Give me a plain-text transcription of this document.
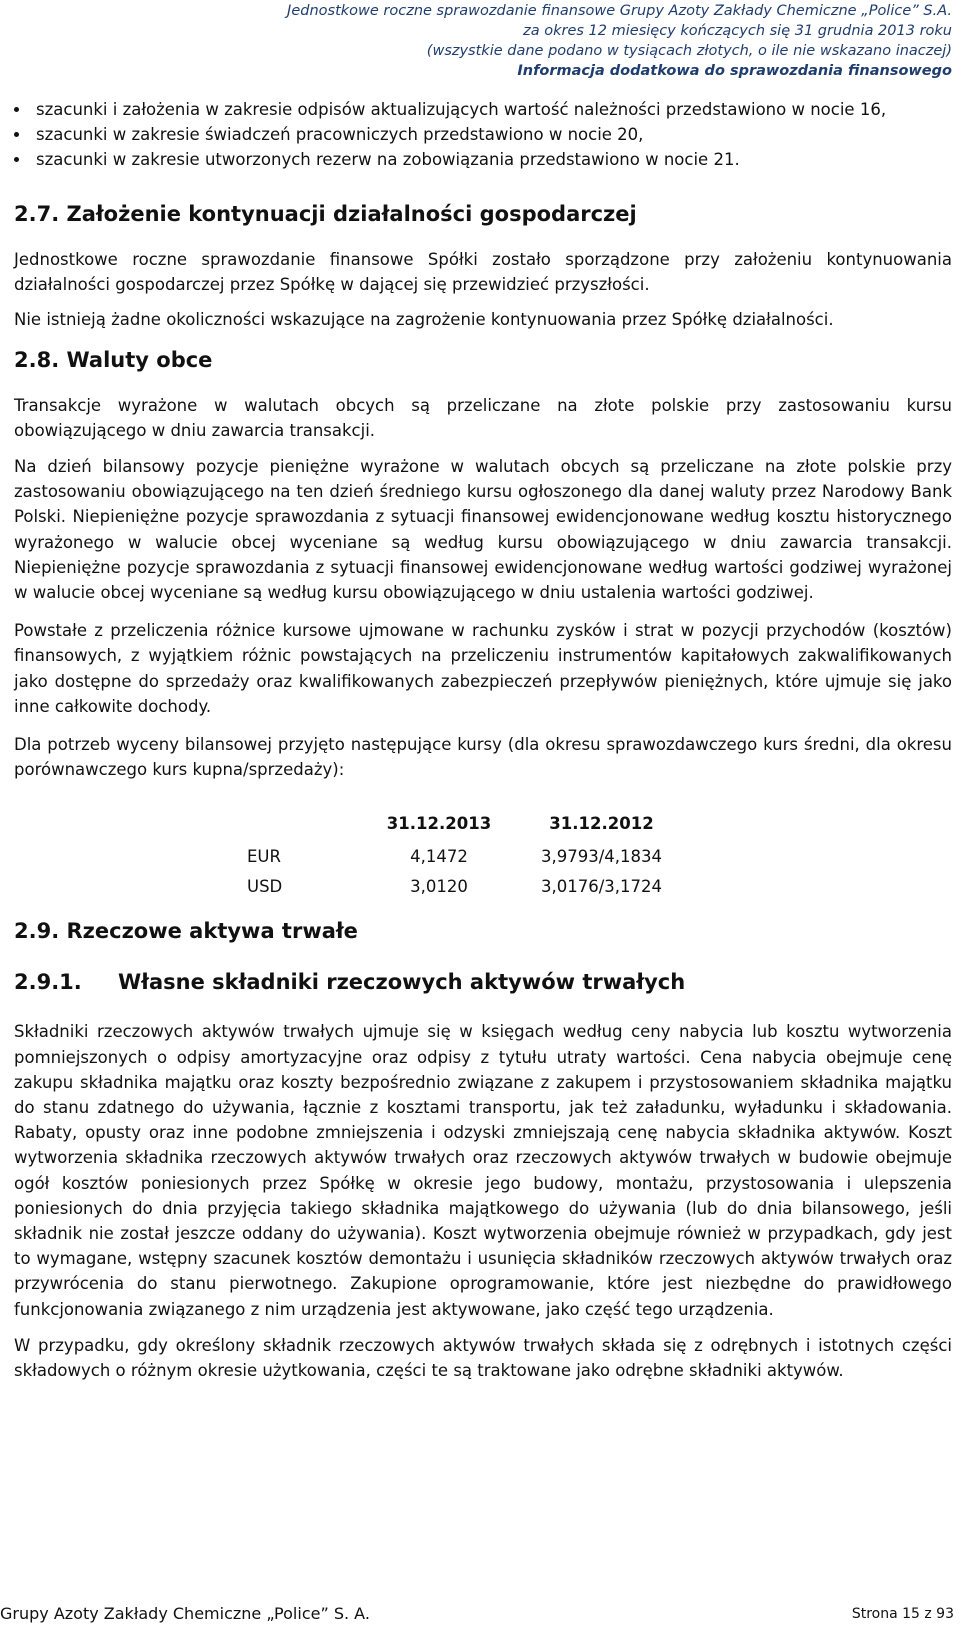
Jednostkowe roczne sprawozdanie finansowe Grupy Azoty Zakłady Chemiczne „Police” S.A.
za okres 12 miesięcy kończących się 31 grudnia 2013 roku
(wszystkie dane podano w tysiącach złotych, o ile nie wskazano inaczej)
Informacja dodatkowa do sprawozdania finansowego
szacunki i założenia w zakresie odpisów aktualizujących wartość należności przedstawiono w nocie 16,
szacunki w zakresie świadczeń pracowniczych przedstawiono w nocie 20,
szacunki w zakresie utworzonych rezerw na zobowiązania przedstawiono w nocie 21.
2.7. Założenie kontynuacji działalności gospodarczej

Jednostkowe roczne sprawozdanie finansowe Spółki zostało sporządzone przy założeniu kontynuowania działalności gospodarczej przez Spółkę w dającej się przewidzieć przyszłości.

Nie istnieją żadne okoliczności wskazujące na zagrożenie kontynuowania przez Spółkę działalności.

2.8. Waluty obce

Transakcje wyrażone w walutach obcych są przeliczane na złote polskie przy zastosowaniu kursu obowiązującego w dniu zawarcia transakcji.

Na dzień bilansowy pozycje pieniężne wyrażone w walutach obcych są przeliczane na złote polskie przy zastosowaniu obowiązującego na ten dzień średniego kursu ogłoszonego dla danej waluty przez Narodowy Bank Polski. Niepieniężne pozycje sprawozdania z sytuacji finansowej ewidencjonowane według kosztu historycznego wyrażonego w walucie obcej wyceniane są według kursu obowiązującego w dniu zawarcia transakcji. Niepieniężne pozycje sprawozdania z sytuacji finansowej ewidencjonowane według wartości godziwej wyrażonej w walucie obcej wyceniane są według kursu obowiązującego w dniu ustalenia wartości godziwej.

Powstałe z przeliczenia różnice kursowe ujmowane w rachunku zysków i strat w pozycji przychodów (kosztów) finansowych, z wyjątkiem różnic powstających na przeliczeniu instrumentów kapitałowych zakwalifikowanych jako dostępne do sprzedaży oraz kwalifikowanych zabezpieczeń przepływów pieniężnych, które ujmuje się jako inne całkowite dochody.

Dla potrzeb wyceny bilansowej przyjęto następujące kursy (dla okresu sprawozdawczego kurs średni, dla okresu porównawczego kurs kupna/sprzedaży):

	31.12.2013	31.12.2012
EUR	4,1472	3,9793/4,1834
USD	3,0120	3,0176/3,1724
2.9. Rzeczowe aktywa trwałe
2.9.1. Własne składniki rzeczowych aktywów trwałych

Składniki rzeczowych aktywów trwałych ujmuje się w księgach według ceny nabycia lub kosztu wytworzenia pomniejszonych o odpisy amortyzacyjne oraz odpisy z tytułu utraty wartości. Cena nabycia obejmuje cenę zakupu składnika majątku oraz koszty bezpośrednio związane z zakupem i przystosowaniem składnika majątku do stanu zdatnego do używania, łącznie z kosztami transportu, jak też załadunku, wyładunku i składowania. Rabaty, opusty oraz inne podobne zmniejszenia i odzyski zmniejszają cenę nabycia składnika aktywów. Koszt wytworzenia składnika rzeczowych aktywów trwałych oraz rzeczowych aktywów trwałych w budowie obejmuje ogół kosztów poniesionych przez Spółkę w okresie jego budowy, montażu, przystosowania i ulepszenia poniesionych do dnia przyjęcia takiego składnika majątkowego do używania (lub do dnia bilansowego, jeśli składnik nie został jeszcze oddany do używania). Koszt wytworzenia obejmuje również w przypadkach, gdy jest to wymagane, wstępny szacunek kosztów demontażu i usunięcia składników rzeczowych aktywów trwałych oraz przywrócenia do stanu pierwotnego. Zakupione oprogramowanie, które jest niezbędne do prawidłowego funkcjonowania związanego z nim urządzenia jest aktywowane, jako część tego urządzenia.

W przypadku, gdy określony składnik rzeczowych aktywów trwałych składa się z odrębnych i istotnych części składowych o różnym okresie użytkowania, części te są traktowane jako odrębne składniki aktywów.

Grupy Azoty Zakłady Chemiczne „Police” S. A.	Strona 15 z 93
